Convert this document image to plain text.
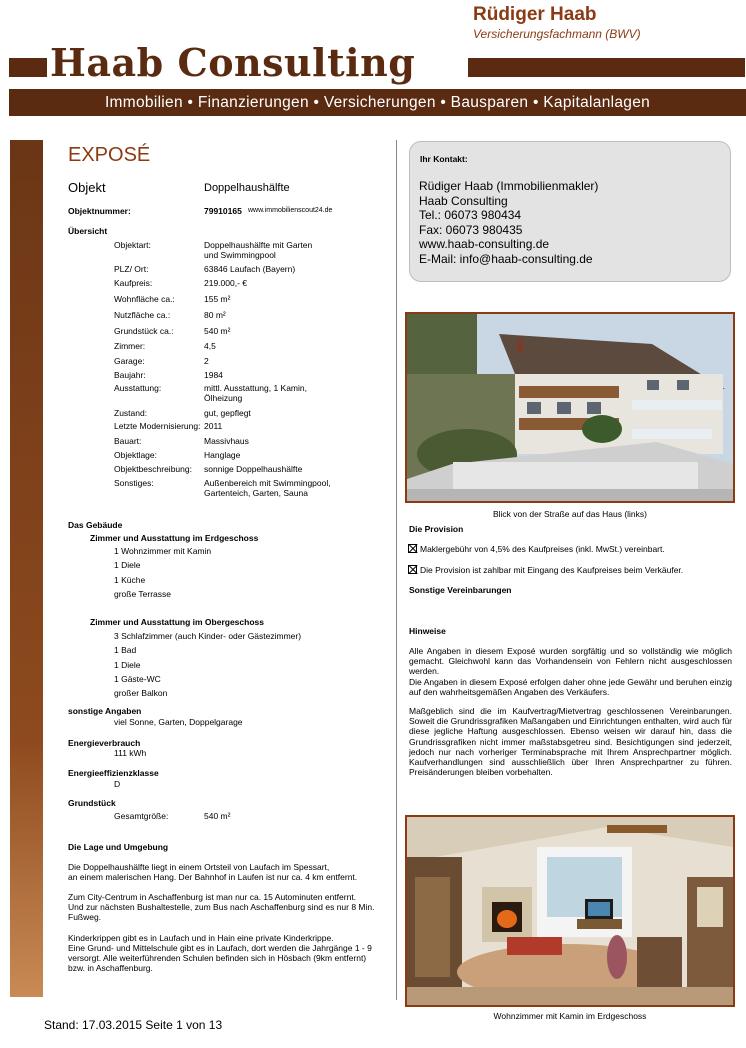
Rüdiger Haab
Versicherungsfachmann (BWV)
Haab Consulting
Immobilien • Finanzierungen • Versicherungen • Bausparen • Kapitalanlagen
EXPOSÉ
Objekt	Doppelhaushälfte
Objektnummer:	79910165 www.immobilienscout24.de
Übersicht
Objektart:	Doppelhaushälfte mit Garten
und Swimmingpool
PLZ/ Ort:	63846 Laufach (Bayern)
Kaufpreis:	219.000,- €
Wohnfläche ca.:	155 m²
Nutzfläche ca.:	80 m²
Grundstück ca.:	540 m²
Zimmer:	4,5
Garage:	2
Baujahr:	1984
Ausstattung:	mittl. Ausstattung, 1 Kamin,
Ölheizung
Zustand:	gut, gepflegt
Letzte Modernisierung: 2011
Bauart:	Massivhaus
Objektlage:	Hanglage
Objektbeschreibung: sonnige Doppelhaushälfte
Sonstiges:	Außenbereich mit Swimmingpool,
Gartenteich, Garten, Sauna
Das Gebäude
Zimmer und Ausstattung im Erdgeschoss
1 Wohnzimmer mit Kamin
1 Diele
1 Küche
große Terrasse
Zimmer und Ausstattung im Obergeschoss
3 Schlafzimmer (auch Kinder- oder Gästezimmer)
1 Bad
1 Diele
1 Gäste-WC
großer Balkon
sonstige Angaben
viel Sonne, Garten, Doppelgarage
Energieverbrauch
111 kWh
Energieeffizienzklasse
D
Grundstück
Gesamtgröße:	540 m²
Die Lage und Umgebung
Die Doppelhaushälfte liegt in einem Ortsteil von Laufach im Spessart,
an einem malerischen Hang. Der Bahnhof in Laufen ist nur ca. 4 km entfernt.
Zum City-Centrum in Aschaffenburg ist man nur ca. 15 Autominuten entfernt.
Und zur nächsten Bushaltestelle, zum Bus nach Aschaffenburg sind es nur 8 Min.
Fußweg.
Kinderkrippen gibt es in Laufach und in Hain eine private Kinderkrippe.
Eine Grund- und Mittelschule gibt es in Laufach, dort werden die Jahrgänge 1 - 9
versorgt. Alle weiterführenden Schulen befinden sich in Hösbach (9km entfernt)
bzw. in Aschaffenburg.
Ihr Kontakt:
Rüdiger Haab (Immobilienmakler)
Haab Consulting
Tel.: 06073 980434
Fax: 06073 980435
www.haab-consulting.de
E-Mail: info@haab-consulting.de
Blick von der Straße auf das Haus (links)
Die Provision
Maklergebühr von 4,5% des Kaufpreises (inkl. MwSt.) vereinbart.
Die Provision ist zahlbar mit Eingang des Kaufpreises beim Verkäufer.
Sonstige Vereinbarungen
Hinweise
Alle Angaben in diesem Exposé wurden sorgfältig und so vollständig wie möglich gemacht. Gleichwohl kann das Vorhandensein von Fehlern nicht ausgeschlossen werden.
Die Angaben in diesem Exposé erfolgen daher ohne jede Gewähr und beruhen einzig auf den wahrheitsgemäßen Angaben des Verkäufers.
Maßgeblich sind die im Kaufvertrag/Mietvertrag geschlossenen Vereinbarungen. Soweit die Grundrissgrafiken Maßangaben und Einrichtungen enthalten, wird auch für diese jegliche Haftung ausgeschlossen. Ebenso weisen wir darauf hin, dass die Grundrissgrafiken nicht immer maßstabsgetreu sind. Besichtigungen sind jederzeit, jedoch nur nach vorheriger Terminabsprache mit Ihrem Ansprechpartner möglich. Kaufverhandlungen sind ausschließlich über Ihren Ansprechpartner zu führen. Preisänderungen bleiben vorbehalten.
Wohnzimmer mit Kamin im Erdgeschoss
Stand: 17.03.2015 Seite 1 von 13
